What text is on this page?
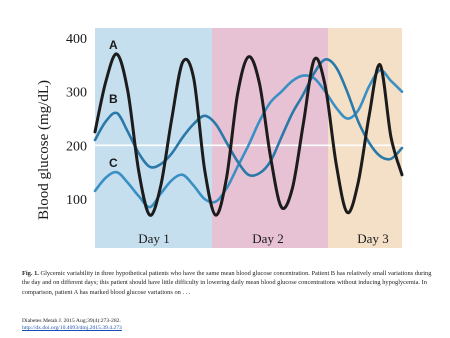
100
200
300
400 A
B
C
Day 1	Day 2	Day 3
Blood glucose (mg/dL)
Fig. 1. Glycemic variability in three hypothetical patients who have the same mean blood glucose concentration. Patient B has relatively small variations during the day and on different days; this patient should have little difficulty in lowering daily mean blood glucose concentrations without inducing hypoglycemia. In comparison, patient A has marked blood glucose variations on . . .
Diabetes Metab J. 2015 Aug;39(4):273-282.
http://dx.doi.org/10.4093/dmj.2015.39.4.273
